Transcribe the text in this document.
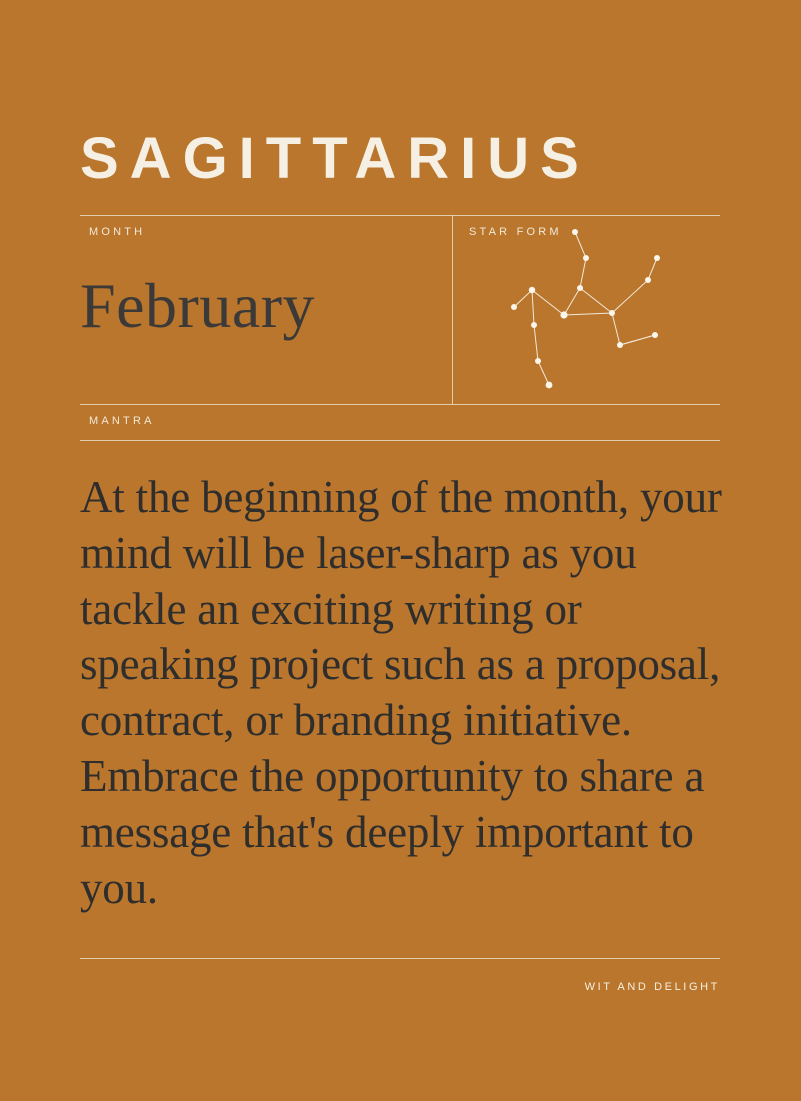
SAGITTARIUS
MONTH	STAR FORM
MANTRA
February
At the beginning of the month, your mind will be laser-sharp as you tackle an exciting writing or speaking project such as a proposal, contract, or branding initiative. Embrace the opportunity to share a message that's deeply important to you.
WIT AND DELIGHT
